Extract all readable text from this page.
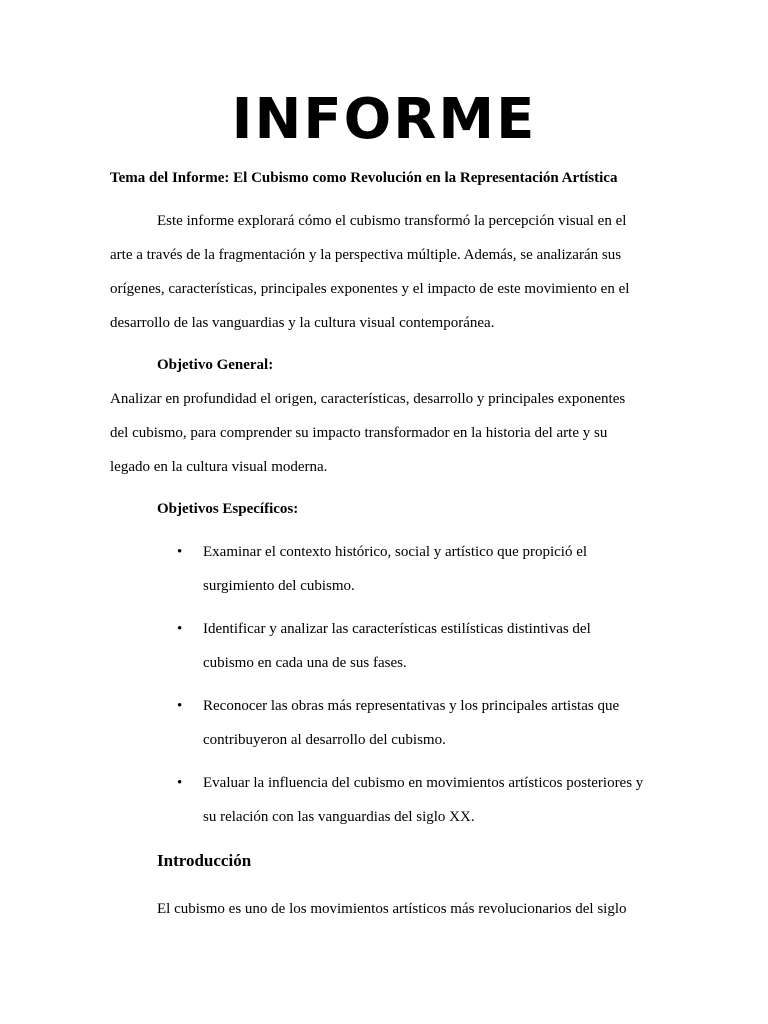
INFORME

Tema del Informe: El Cubismo como Revolución en la Representación Artística

Este informe explorará cómo el cubismo transformó la percepción visual en el

arte a través de la fragmentación y la perspectiva múltiple. Además, se analizarán sus

orígenes, características, principales exponentes y el impacto de este movimiento en el

desarrollo de las vanguardias y la cultura visual contemporánea.

Objetivo General:

Analizar en profundidad el origen, características, desarrollo y principales exponentes

del cubismo, para comprender su impacto transformador en la historia del arte y su

legado en la cultura visual moderna.

Objetivos Específicos:

• Examinar el contexto histórico, social y artístico que propició el

surgimiento del cubismo.

• Identificar y analizar las características estilísticas distintivas del

cubismo en cada una de sus fases.

• Reconocer las obras más representativas y los principales artistas que

contribuyeron al desarrollo del cubismo.

• Evaluar la influencia del cubismo en movimientos artísticos posteriores y

su relación con las vanguardias del siglo XX.

Introducción

El cubismo es uno de los movimientos artísticos más revolucionarios del siglo
